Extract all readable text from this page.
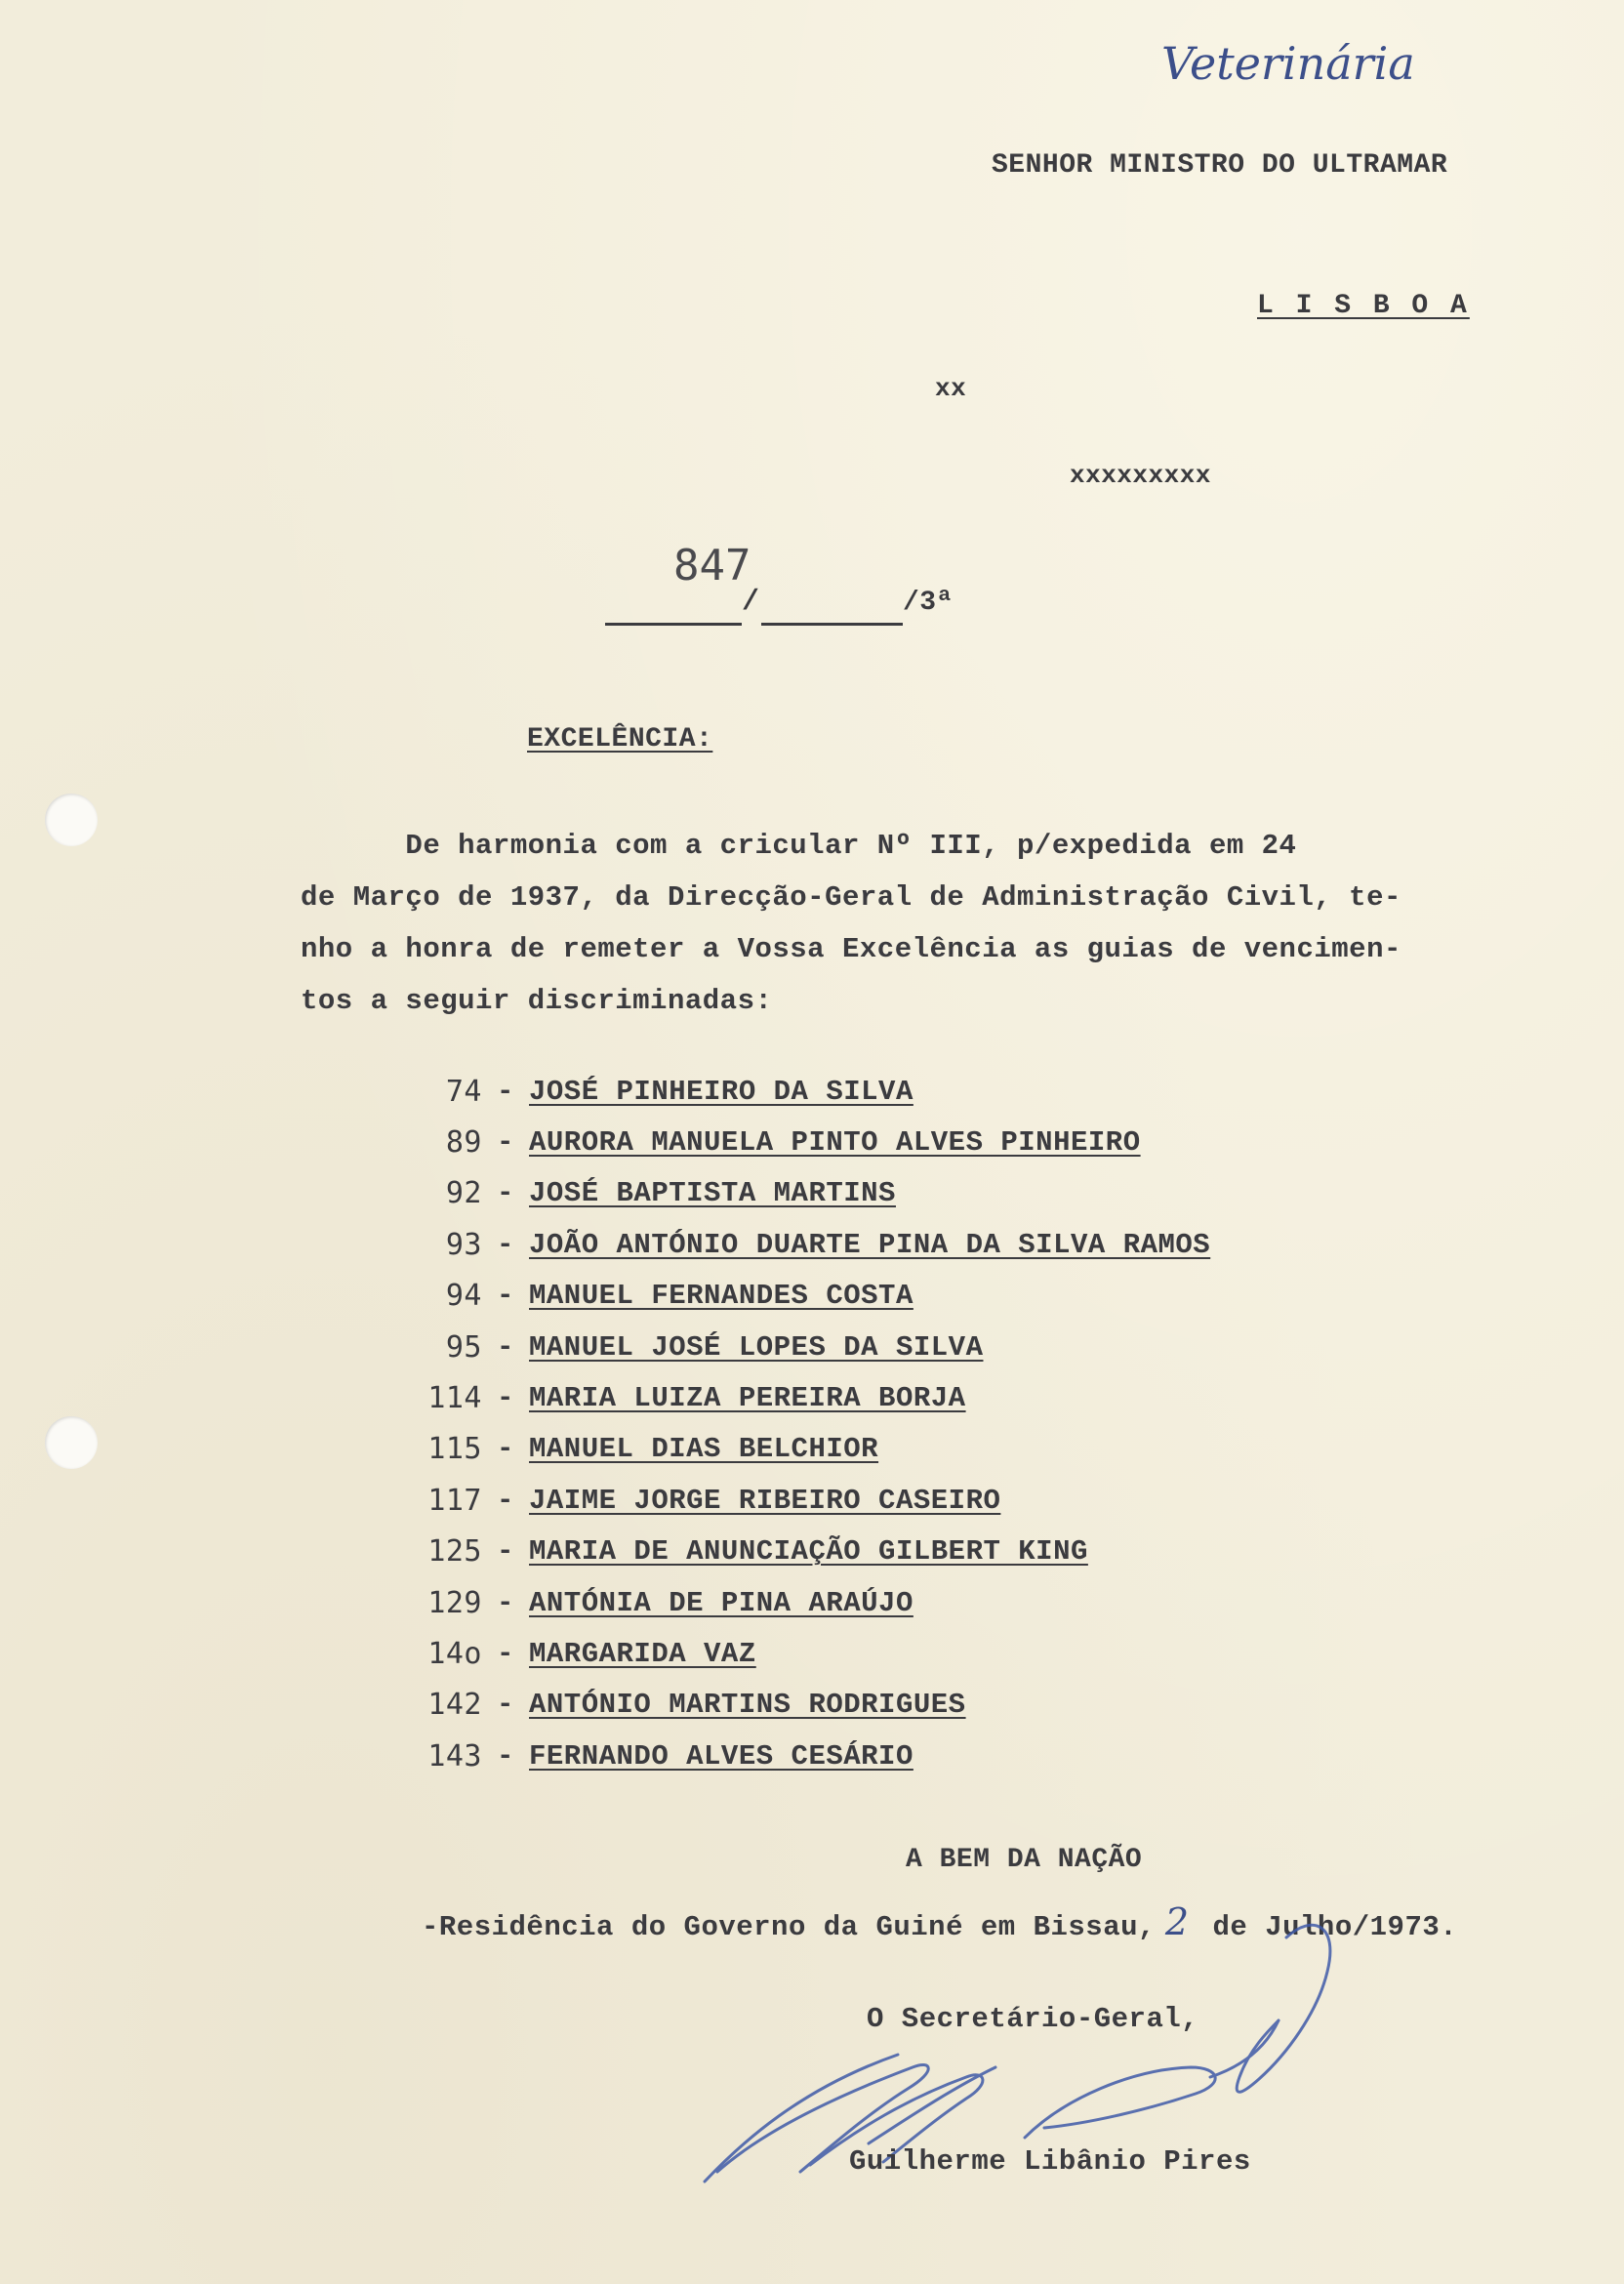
Veterinária
SENHOR MINISTRO DO ULTRAMAR
L I S B O A
xx
xxxxxxxxx
847
/	/3ª
EXCELÊNCIA:
De harmonia com a cricular Nº III, p/expedida em 24
de Março de 1937, da Direcção-Geral de Administração Civil, te-
nho a honra de remeter a Vossa Excelência as guias de vencimen-
tos a seguir discriminadas:
74 - JOSÉ PINHEIRO DA SILVA
89 - AURORA MANUELA PINTO ALVES PINHEIRO
92 - JOSÉ BAPTISTA MARTINS
93 - JOÃO ANTÓNIO DUARTE PINA DA SILVA RAMOS
94 - MANUEL FERNANDES COSTA
95 - MANUEL JOSÉ LOPES DA SILVA
114 - MARIA LUIZA PEREIRA BORJA
115 - MANUEL DIAS BELCHIOR
117 - JAIME JORGE RIBEIRO CASEIRO
125 - MARIA DE ANUNCIAÇÃO GILBERT KING
129 - ANTÓNIA DE PINA ARAÚJO
14o - MARGARIDA VAZ
142 - ANTÓNIO MARTINS RODRIGUES
143 - FERNANDO ALVES CESÁRIO
A BEM DA NAÇÃO
-Residência do Governo da Guiné em Bissau, 2 de Julho/1973.
O Secretário-Geral,
Guilherme Libânio Pires
